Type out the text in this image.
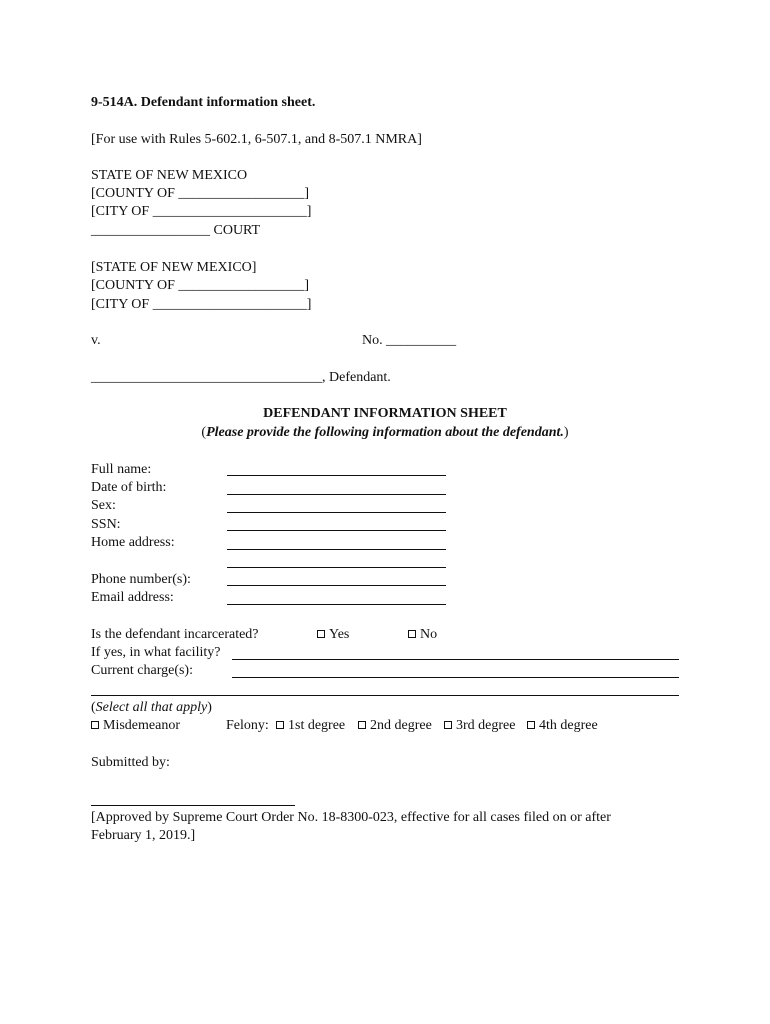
9-514A. Defendant information sheet.
[For use with Rules 5-602.1, 6-507.1, and 8-507.1 NMRA]
STATE OF NEW MEXICO
[COUNTY OF __________________]
[CITY OF ______________________]
_________________ COURT
[STATE OF NEW MEXICO]
[COUNTY OF __________________]
[CITY OF ______________________]
v.	No. __________
_________________________________, Defendant.
DEFENDANT INFORMATION SHEET
(Please provide the following information about the defendant.)
Full name:
Date of birth:
Sex:
SSN:
Home address:
Phone number(s):
Email address:
Is the defendant incarcerated?	Yes	No
If yes, in what facility?
Current charge(s):
(Select all that apply)
Misdemeanor	Felony:	1st degree	2nd degree	3rd degree	4th degree
Submitted by:
[Approved by Supreme Court Order No. 18-8300-023, effective for all cases filed on or after
February 1, 2019.]
